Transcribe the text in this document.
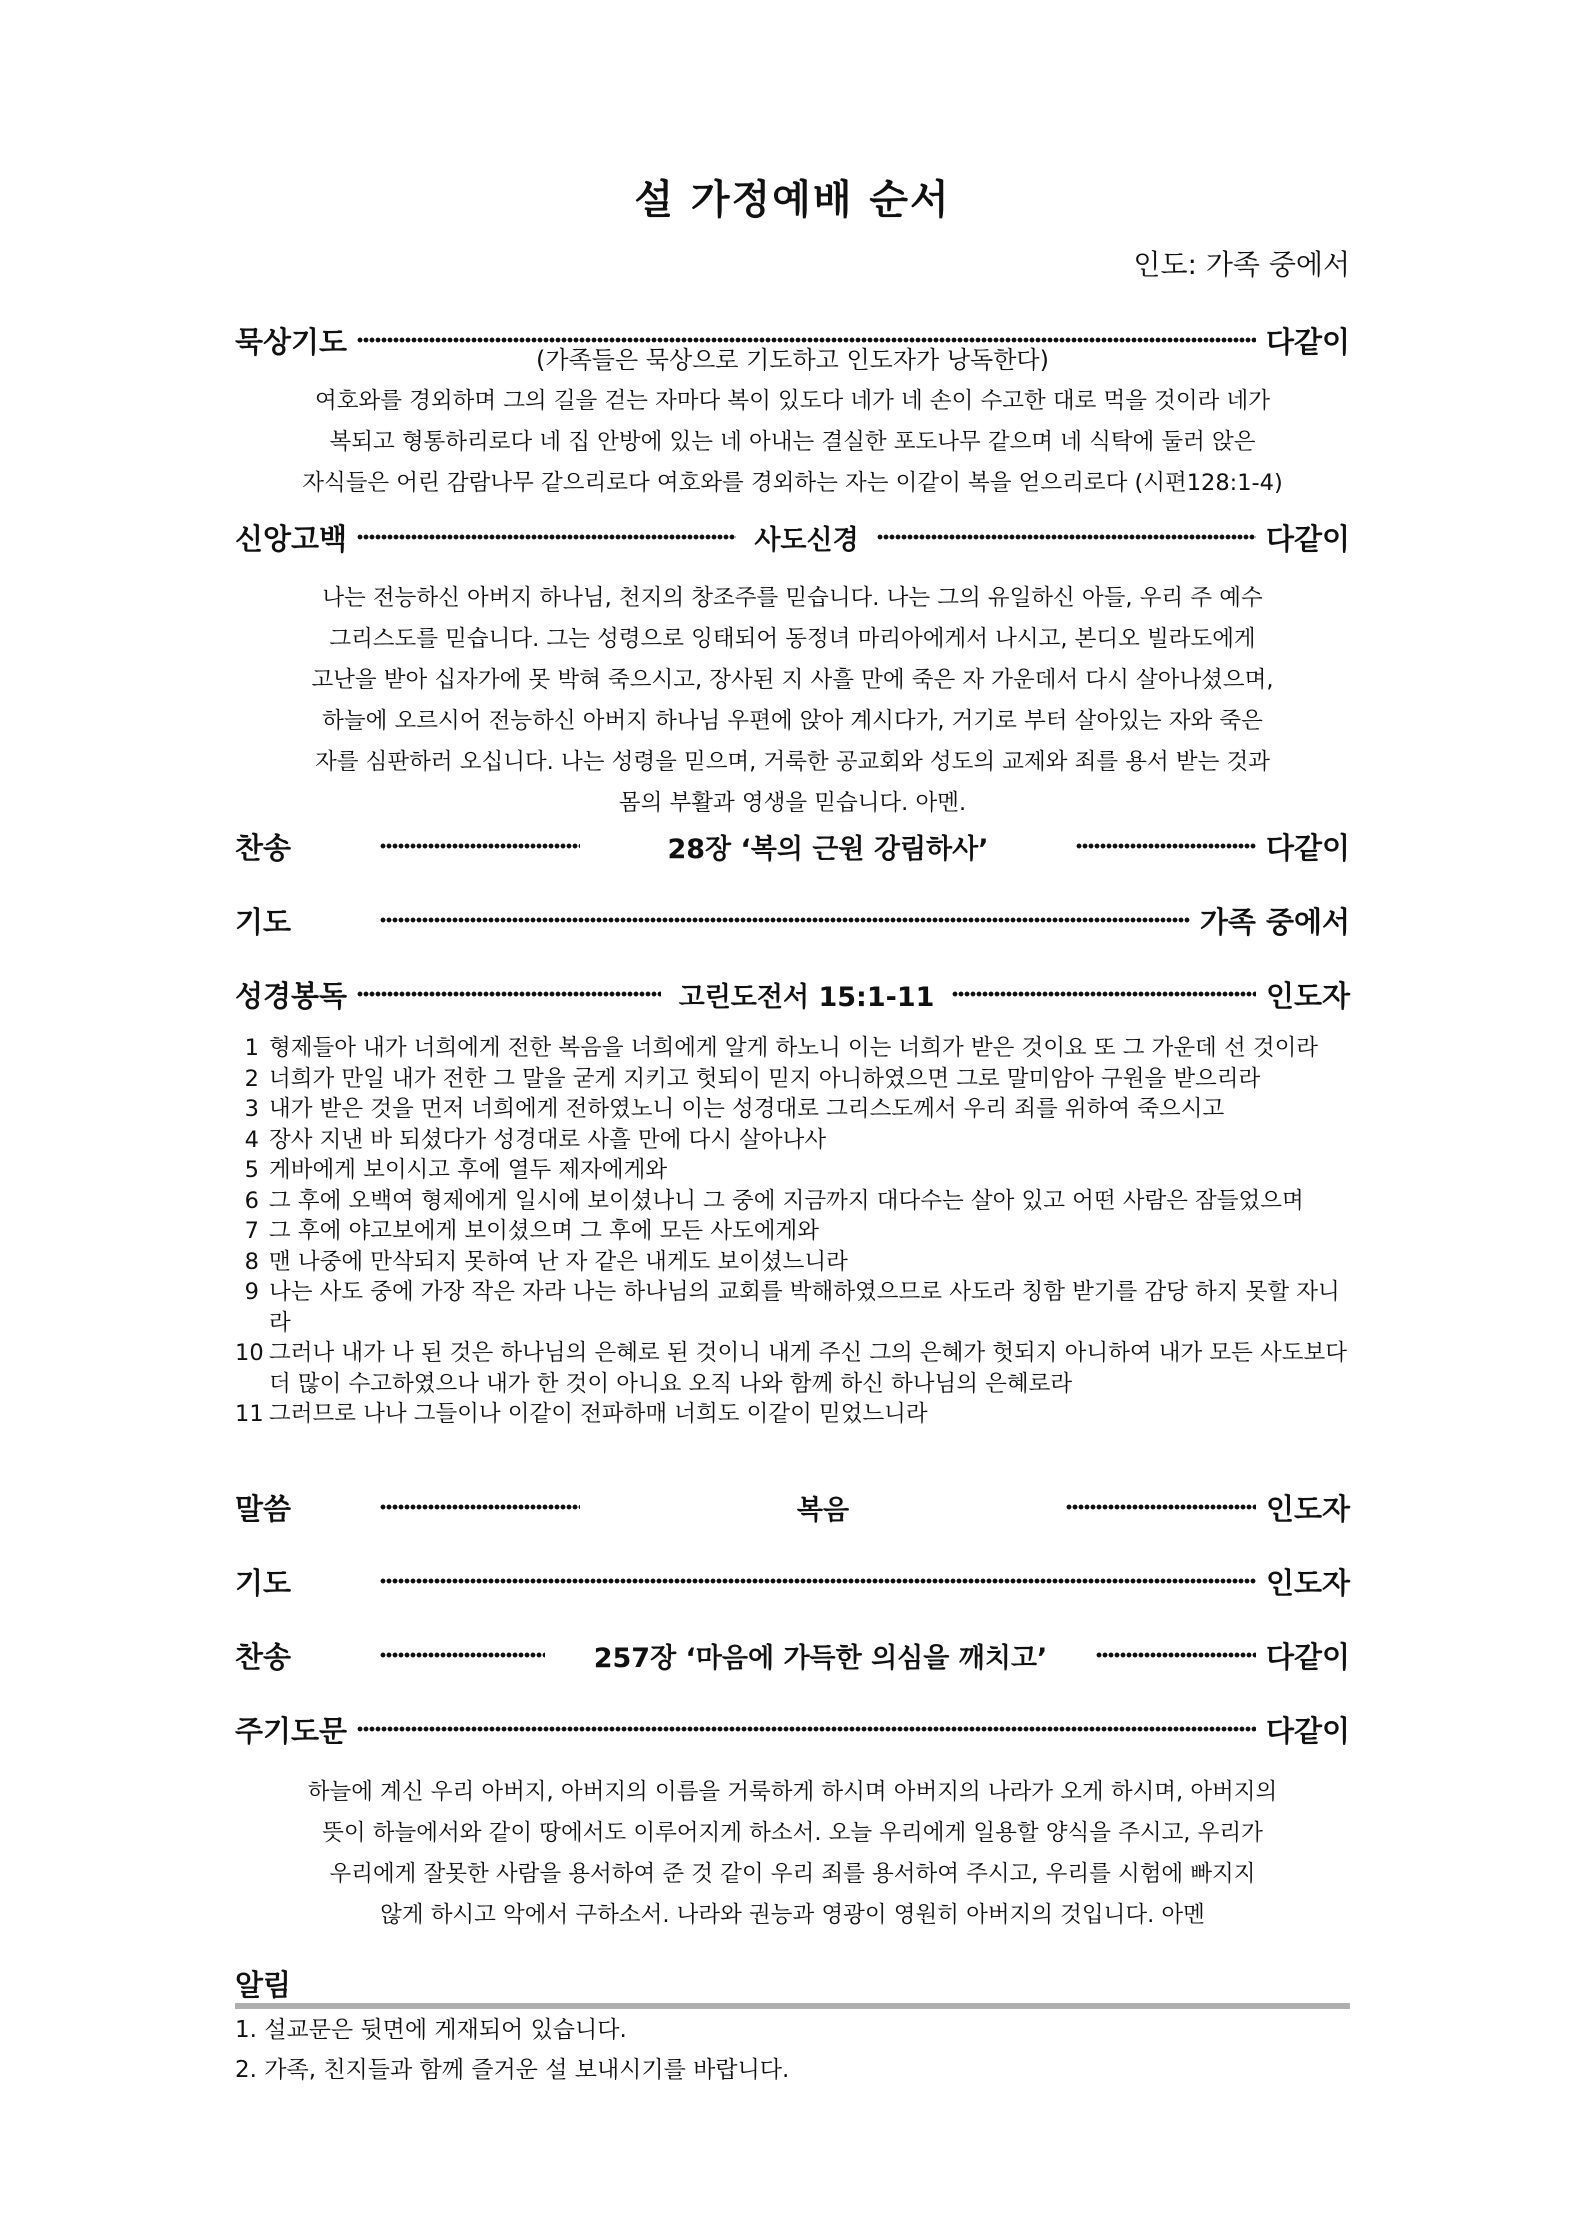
설 가정예배 순서
인도: 가족 중에서
묵상기도	다같이
(가족들은 묵상으로 기도하고 인도자가 낭독한다)
여호와를 경외하며 그의 길을 걷는 자마다 복이 있도다 네가 네 손이 수고한 대로 먹을 것이라 네가
복되고 형통하리로다 네 집 안방에 있는 네 아내는 결실한 포도나무 같으며 네 식탁에 둘러 앉은
자식들은 어린 감람나무 같으리로다 여호와를 경외하는 자는 이같이 복을 얻으리로다 (시편128:1-4)
신앙고백	사도신경	다같이
나는 전능하신 아버지 하나님, 천지의 창조주를 믿습니다. 나는 그의 유일하신 아들, 우리 주 예수
그리스도를 믿습니다. 그는 성령으로 잉태되어 동정녀 마리아에게서 나시고, 본디오 빌라도에게
고난을 받아 십자가에 못 박혀 죽으시고, 장사된 지 사흘 만에 죽은 자 가운데서 다시 살아나셨으며,
하늘에 오르시어 전능하신 아버지 하나님 우편에 앉아 계시다가, 거기로 부터 살아있는 자와 죽은
자를 심판하러 오십니다. 나는 성령을 믿으며, 거룩한 공교회와 성도의 교제와 죄를 용서 받는 것과
몸의 부활과 영생을 믿습니다. 아멘.
찬송	28장 ‘복의 근원 강림하사’	다같이
기도	가족 중에서
성경봉독	고린도전서 15:1-11	인도자
1 형제들아 내가 너희에게 전한 복음을 너희에게 알게 하노니 이는 너희가 받은 것이요 또 그 가운데 선 것이라
2 너희가 만일 내가 전한 그 말을 굳게 지키고 헛되이 믿지 아니하였으면 그로 말미암아 구원을 받으리라
3 내가 받은 것을 먼저 너희에게 전하였노니 이는 성경대로 그리스도께서 우리 죄를 위하여 죽으시고
4 장사 지낸 바 되셨다가 성경대로 사흘 만에 다시 살아나사
5 게바에게 보이시고 후에 열두 제자에게와
6 그 후에 오백여 형제에게 일시에 보이셨나니 그 중에 지금까지 대다수는 살아 있고 어떤 사람은 잠들었으며
7 그 후에 야고보에게 보이셨으며 그 후에 모든 사도에게와
8 맨 나중에 만삭되지 못하여 난 자 같은 내게도 보이셨느니라
9 나는 사도 중에 가장 작은 자라 나는 하나님의 교회를 박해하였으므로 사도라 칭함 받기를 감당 하지 못할 자니라
10 그러나 내가 나 된 것은 하나님의 은혜로 된 것이니 내게 주신 그의 은혜가 헛되지 아니하여 내가 모든 사도보다 더 많이 수고하였으나 내가 한 것이 아니요 오직 나와 함께 하신 하나님의 은혜로라
11 그러므로 나나 그들이나 이같이 전파하매 너희도 이같이 믿었느니라
말씀	복음	인도자
기도	인도자
찬송	257장 ‘마음에 가득한 의심을 깨치고’	다같이
주기도문	다같이
하늘에 계신 우리 아버지, 아버지의 이름을 거룩하게 하시며 아버지의 나라가 오게 하시며, 아버지의
뜻이 하늘에서와 같이 땅에서도 이루어지게 하소서. 오늘 우리에게 일용할 양식을 주시고, 우리가
우리에게 잘못한 사람을 용서하여 준 것 같이 우리 죄를 용서하여 주시고, 우리를 시험에 빠지지
않게 하시고 악에서 구하소서. 나라와 권능과 영광이 영원히 아버지의 것입니다. 아멘
알림
1. 설교문은 뒷면에 게재되어 있습니다.
2. 가족, 친지들과 함께 즐거운 설 보내시기를 바랍니다.
